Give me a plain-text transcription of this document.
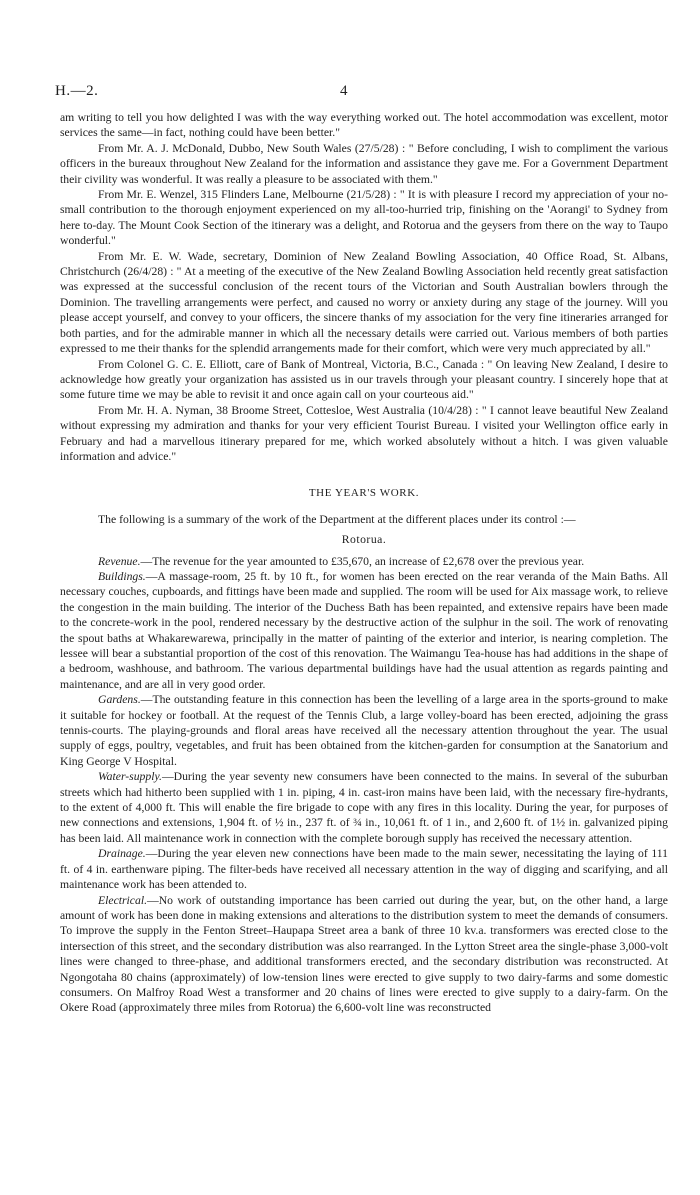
H.—2.	4

am writing to tell you how delighted I was with the way everything worked out. The hotel accommodation was excellent, motor services the same—in fact, nothing could have been better."

From Mr. A. J. McDonald, Dubbo, New South Wales (27/5/28) : " Before concluding, I wish to compliment the various officers in the bureaux throughout New Zealand for the information and assistance they gave me. For a Government Department their civility was wonderful. It was really a pleasure to be associated with them."

From Mr. E. Wenzel, 315 Flinders Lane, Melbourne (21/5/28) : " It is with pleasure I record my appreciation of your no-small contribution to the thorough enjoyment experienced on my all-too-hurried trip, finishing on the 'Aorangi' to Sydney from here to-day. The Mount Cook Section of the itinerary was a delight, and Rotorua and the geysers from there on the way to Taupo wonderful."

From Mr. E. W. Wade, secretary, Dominion of New Zealand Bowling Association, 40 Office Road, St. Albans, Christchurch (26/4/28) : " At a meeting of the executive of the New Zealand Bowling Association held recently great satisfaction was expressed at the successful conclusion of the recent tours of the Victorian and South Australian bowlers through the Dominion. The travelling arrangements were perfect, and caused no worry or anxiety during any stage of the journey. Will you please accept yourself, and convey to your officers, the sincere thanks of my association for the very fine itineraries arranged for both parties, and for the admirable manner in which all the necessary details were carried out. Various members of both parties expressed to me their thanks for the splendid arrangements made for their comfort, which were very much appreciated by all."

From Colonel G. C. E. Elliott, care of Bank of Montreal, Victoria, B.C., Canada : " On leaving New Zealand, I desire to acknowledge how greatly your organization has assisted us in our travels through your pleasant country. I sincerely hope that at some future time we may be able to revisit it and once again call on your courteous aid."

From Mr. H. A. Nyman, 38 Broome Street, Cottesloe, West Australia (10/4/28) : " I cannot leave beautiful New Zealand without expressing my admiration and thanks for your very efficient Tourist Bureau. I visited your Wellington office early in February and had a marvellous itinerary prepared for me, which worked absolutely without a hitch. I was given valuable information and advice."

THE YEAR'S WORK.

The following is a summary of the work of the Department at the different places under its control :—

Rotorua.

Revenue.—The revenue for the year amounted to £35,670, an increase of £2,678 over the previous year.

Buildings.—A massage-room, 25 ft. by 10 ft., for women has been erected on the rear veranda of the Main Baths. All necessary couches, cupboards, and fittings have been made and supplied. The room will be used for Aix massage work, to relieve the congestion in the main building. The interior of the Duchess Bath has been repainted, and extensive repairs have been made to the concrete-work in the pool, rendered necessary by the destructive action of the sulphur in the soil. The work of renovating the spout baths at Whakarewarewa, principally in the matter of painting of the exterior and interior, is nearing completion. The lessee will bear a substantial proportion of the cost of this renovation. The Waimangu Tea-house has had additions in the shape of a bedroom, washhouse, and bathroom. The various departmental buildings have had the usual attention as regards painting and maintenance, and are all in very good order.

Gardens.—The outstanding feature in this connection has been the levelling of a large area in the sports-ground to make it suitable for hockey or football. At the request of the Tennis Club, a large volley-board has been erected, adjoining the grass tennis-courts. The playing-grounds and floral areas have received all the necessary attention throughout the year. The usual supply of eggs, poultry, vegetables, and fruit has been obtained from the kitchen-garden for consumption at the Sanatorium and King George V Hospital.

Water-supply.—During the year seventy new consumers have been connected to the mains. In several of the suburban streets which had hitherto been supplied with 1 in. piping, 4 in. cast-iron mains have been laid, with the necessary fire-hydrants, to the extent of 4,000 ft. This will enable the fire brigade to cope with any fires in this locality. During the year, for purposes of new connections and extensions, 1,904 ft. of ½ in., 237 ft. of ¾ in., 10,061 ft. of 1 in., and 2,600 ft. of 1½ in. galvanized piping has been laid. All maintenance work in connection with the complete borough supply has received the necessary attention.

Drainage.—During the year eleven new connections have been made to the main sewer, necessitating the laying of 111 ft. of 4 in. earthenware piping. The filter-beds have received all necessary attention in the way of digging and scarifying, and all maintenance work has been attended to.

Electrical.—No work of outstanding importance has been carried out during the year, but, on the other hand, a large amount of work has been done in making extensions and alterations to the distribution system to meet the demands of consumers. To improve the supply in the Fenton Street–Haupapa Street area a bank of three 10 kv.a. transformers was erected close to the intersection of this street, and the secondary distribution was also rearranged. In the Lytton Street area the single-phase 3,000-volt lines were changed to three-phase, and additional transformers erected, and the secondary distribution was reconstructed. At Ngongotaha 80 chains (approximately) of low-tension lines were erected to give supply to two dairy-farms and some domestic consumers. On Malfroy Road West a transformer and 20 chains of lines were erected to give supply to a dairy-farm. On the Okere Road (approximately three miles from Rotorua) the 6,600-volt line was reconstructed
